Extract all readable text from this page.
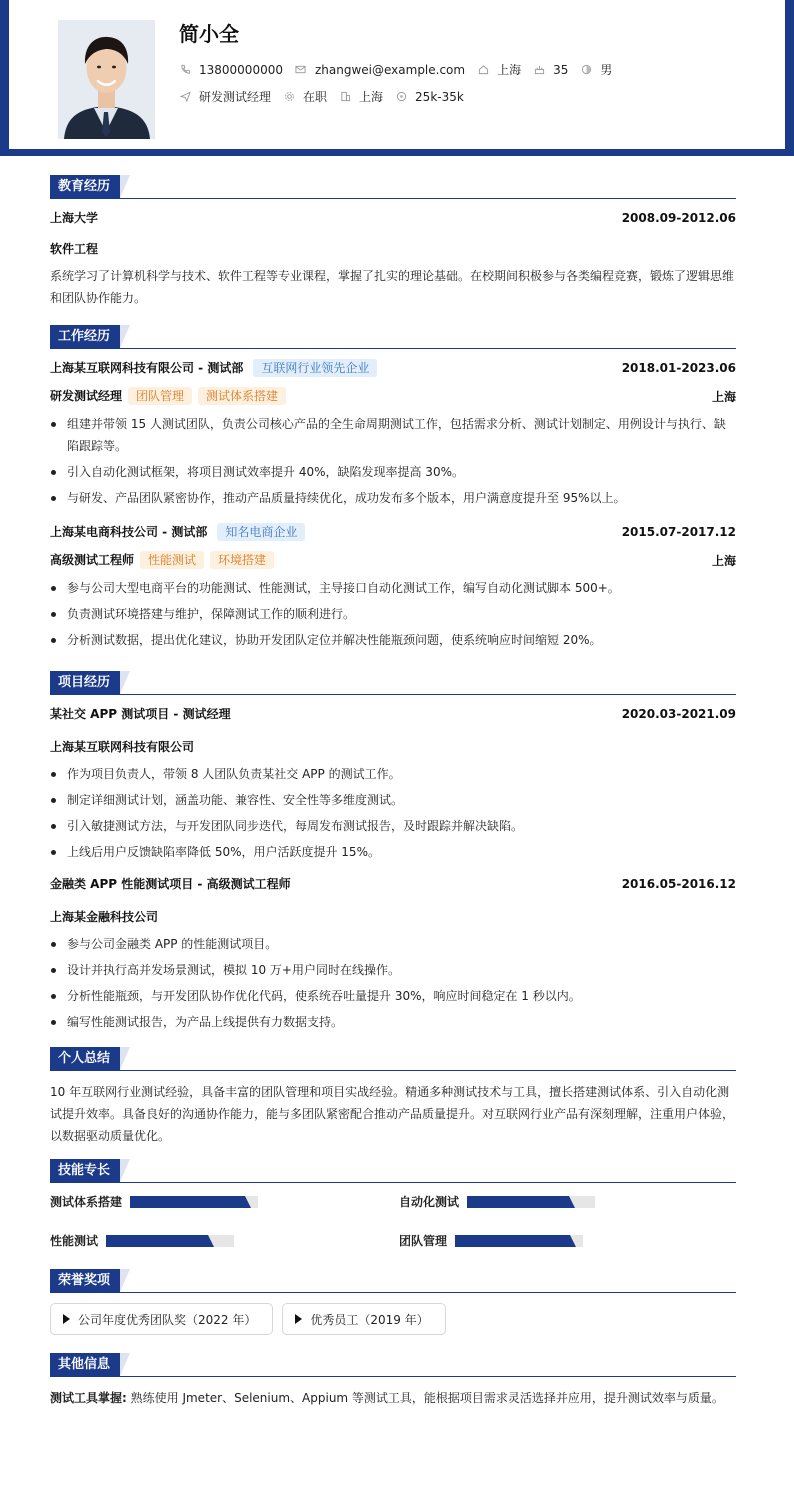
简小全
13800000000	zhangwei@example.com	上海	35	男
研发测试经理	在职	上海	25k-35k
教育经历
上海大学	2008.09-2012.06
软件工程
系统学习了计算机科学与技术、软件工程等专业课程，掌握了扎实的理论基础。在校期间积极参与各类编程竞赛，锻炼了逻辑思维和团队协作能力。
工作经历
上海某互联网科技有限公司 - 测试部 互联网行业领先企业	2018.01-2023.06
研发测试经理 团队管理 测试体系搭建	上海
组建并带领 15 人测试团队，负责公司核心产品的全生命周期测试工作，包括需求分析、测试计划制定、用例设计与执行、缺陷跟踪等。
引入自动化测试框架，将项目测试效率提升 40%，缺陷发现率提高 30%。
与研发、产品团队紧密协作，推动产品质量持续优化，成功发布多个版本，用户满意度提升至 95%以上。
上海某电商科技公司 - 测试部 知名电商企业	2015.07-2017.12
高级测试工程师 性能测试 环境搭建	上海
参与公司大型电商平台的功能测试、性能测试，主导接口自动化测试工作，编写自动化测试脚本 500+。
负责测试环境搭建与维护，保障测试工作的顺利进行。
分析测试数据，提出优化建议，协助开发团队定位并解决性能瓶颈问题，使系统响应时间缩短 20%。
项目经历
某社交 APP 测试项目 - 测试经理	2020.03-2021.09
上海某互联网科技有限公司
作为项目负责人，带领 8 人团队负责某社交 APP 的测试工作。
制定详细测试计划，涵盖功能、兼容性、安全性等多维度测试。
引入敏捷测试方法，与开发团队同步迭代，每周发布测试报告，及时跟踪并解决缺陷。
上线后用户反馈缺陷率降低 50%，用户活跃度提升 15%。
金融类 APP 性能测试项目 - 高级测试工程师	2016.05-2016.12
上海某金融科技公司
参与公司金融类 APP 的性能测试项目。
设计并执行高并发场景测试，模拟 10 万+用户同时在线操作。
分析性能瓶颈，与开发团队协作优化代码，使系统吞吐量提升 30%，响应时间稳定在 1 秒以内。
编写性能测试报告，为产品上线提供有力数据支持。
个人总结
10 年互联网行业测试经验，具备丰富的团队管理和项目实战经验。精通多种测试技术与工具，擅长搭建测试体系、引入自动化测试提升效率。具备良好的沟通协作能力，能与多团队紧密配合推动产品质量提升。对互联网行业产品有深刻理解，注重用户体验，以数据驱动质量优化。
技能专长
测试体系搭建	自动化测试
性能测试	团队管理
荣誉奖项
公司年度优秀团队奖（2022 年）	优秀员工（2019 年）
其他信息
测试工具掌握: 熟练使用 Jmeter、Selenium、Appium 等测试工具，能根据项目需求灵活选择并应用，提升测试效率与质量。
